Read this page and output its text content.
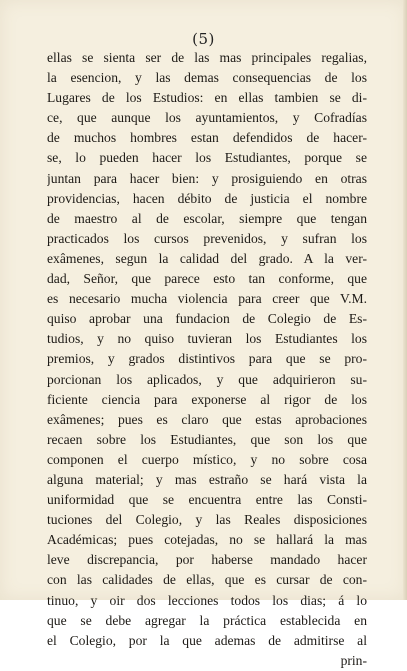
(5)
ellas se sienta ser de las mas principales regalias,
la esencion, y las demas consequencias de los
Lugares de los Estudios: en ellas tambien se di-
ce, que aunque los ayuntamientos, y Cofradías
de muchos hombres estan defendidos de hacer-
se, lo pueden hacer los Estudiantes, porque se
juntan para hacer bien: y prosiguiendo en otras
providencias, hacen débito de justicia el nombre
de maestro al de escolar, siempre que tengan
practicados los cursos prevenidos, y sufran los
exâmenes, segun la calidad del grado. A la ver-
dad, Señor, que parece esto tan conforme, que
es necesario mucha violencia para creer que V.M.
quiso aprobar una fundacion de Colegio de Es-
tudios, y no quiso tuvieran los Estudiantes los
premios, y grados distintivos para que se pro-
porcionan los aplicados, y que adquirieron su-
ficiente ciencia para exponerse al rigor de los
exâmenes; pues es claro que estas aprobaciones
recaen sobre los Estudiantes, que son los que
componen el cuerpo místico, y no sobre cosa
alguna material; y mas estraño se hará vista la
uniformidad que se encuentra entre las Consti-
tuciones del Colegio, y las Reales disposiciones
Académicas; pues cotejadas, no se hallará la mas
leve discrepancia, por haberse mandado hacer
con las calidades de ellas, que es cursar de con-
tinuo, y oir dos lecciones todos los dias; á lo
que se debe agregar la práctica establecida en
el Colegio, por la que ademas de admitirse al
prin-
